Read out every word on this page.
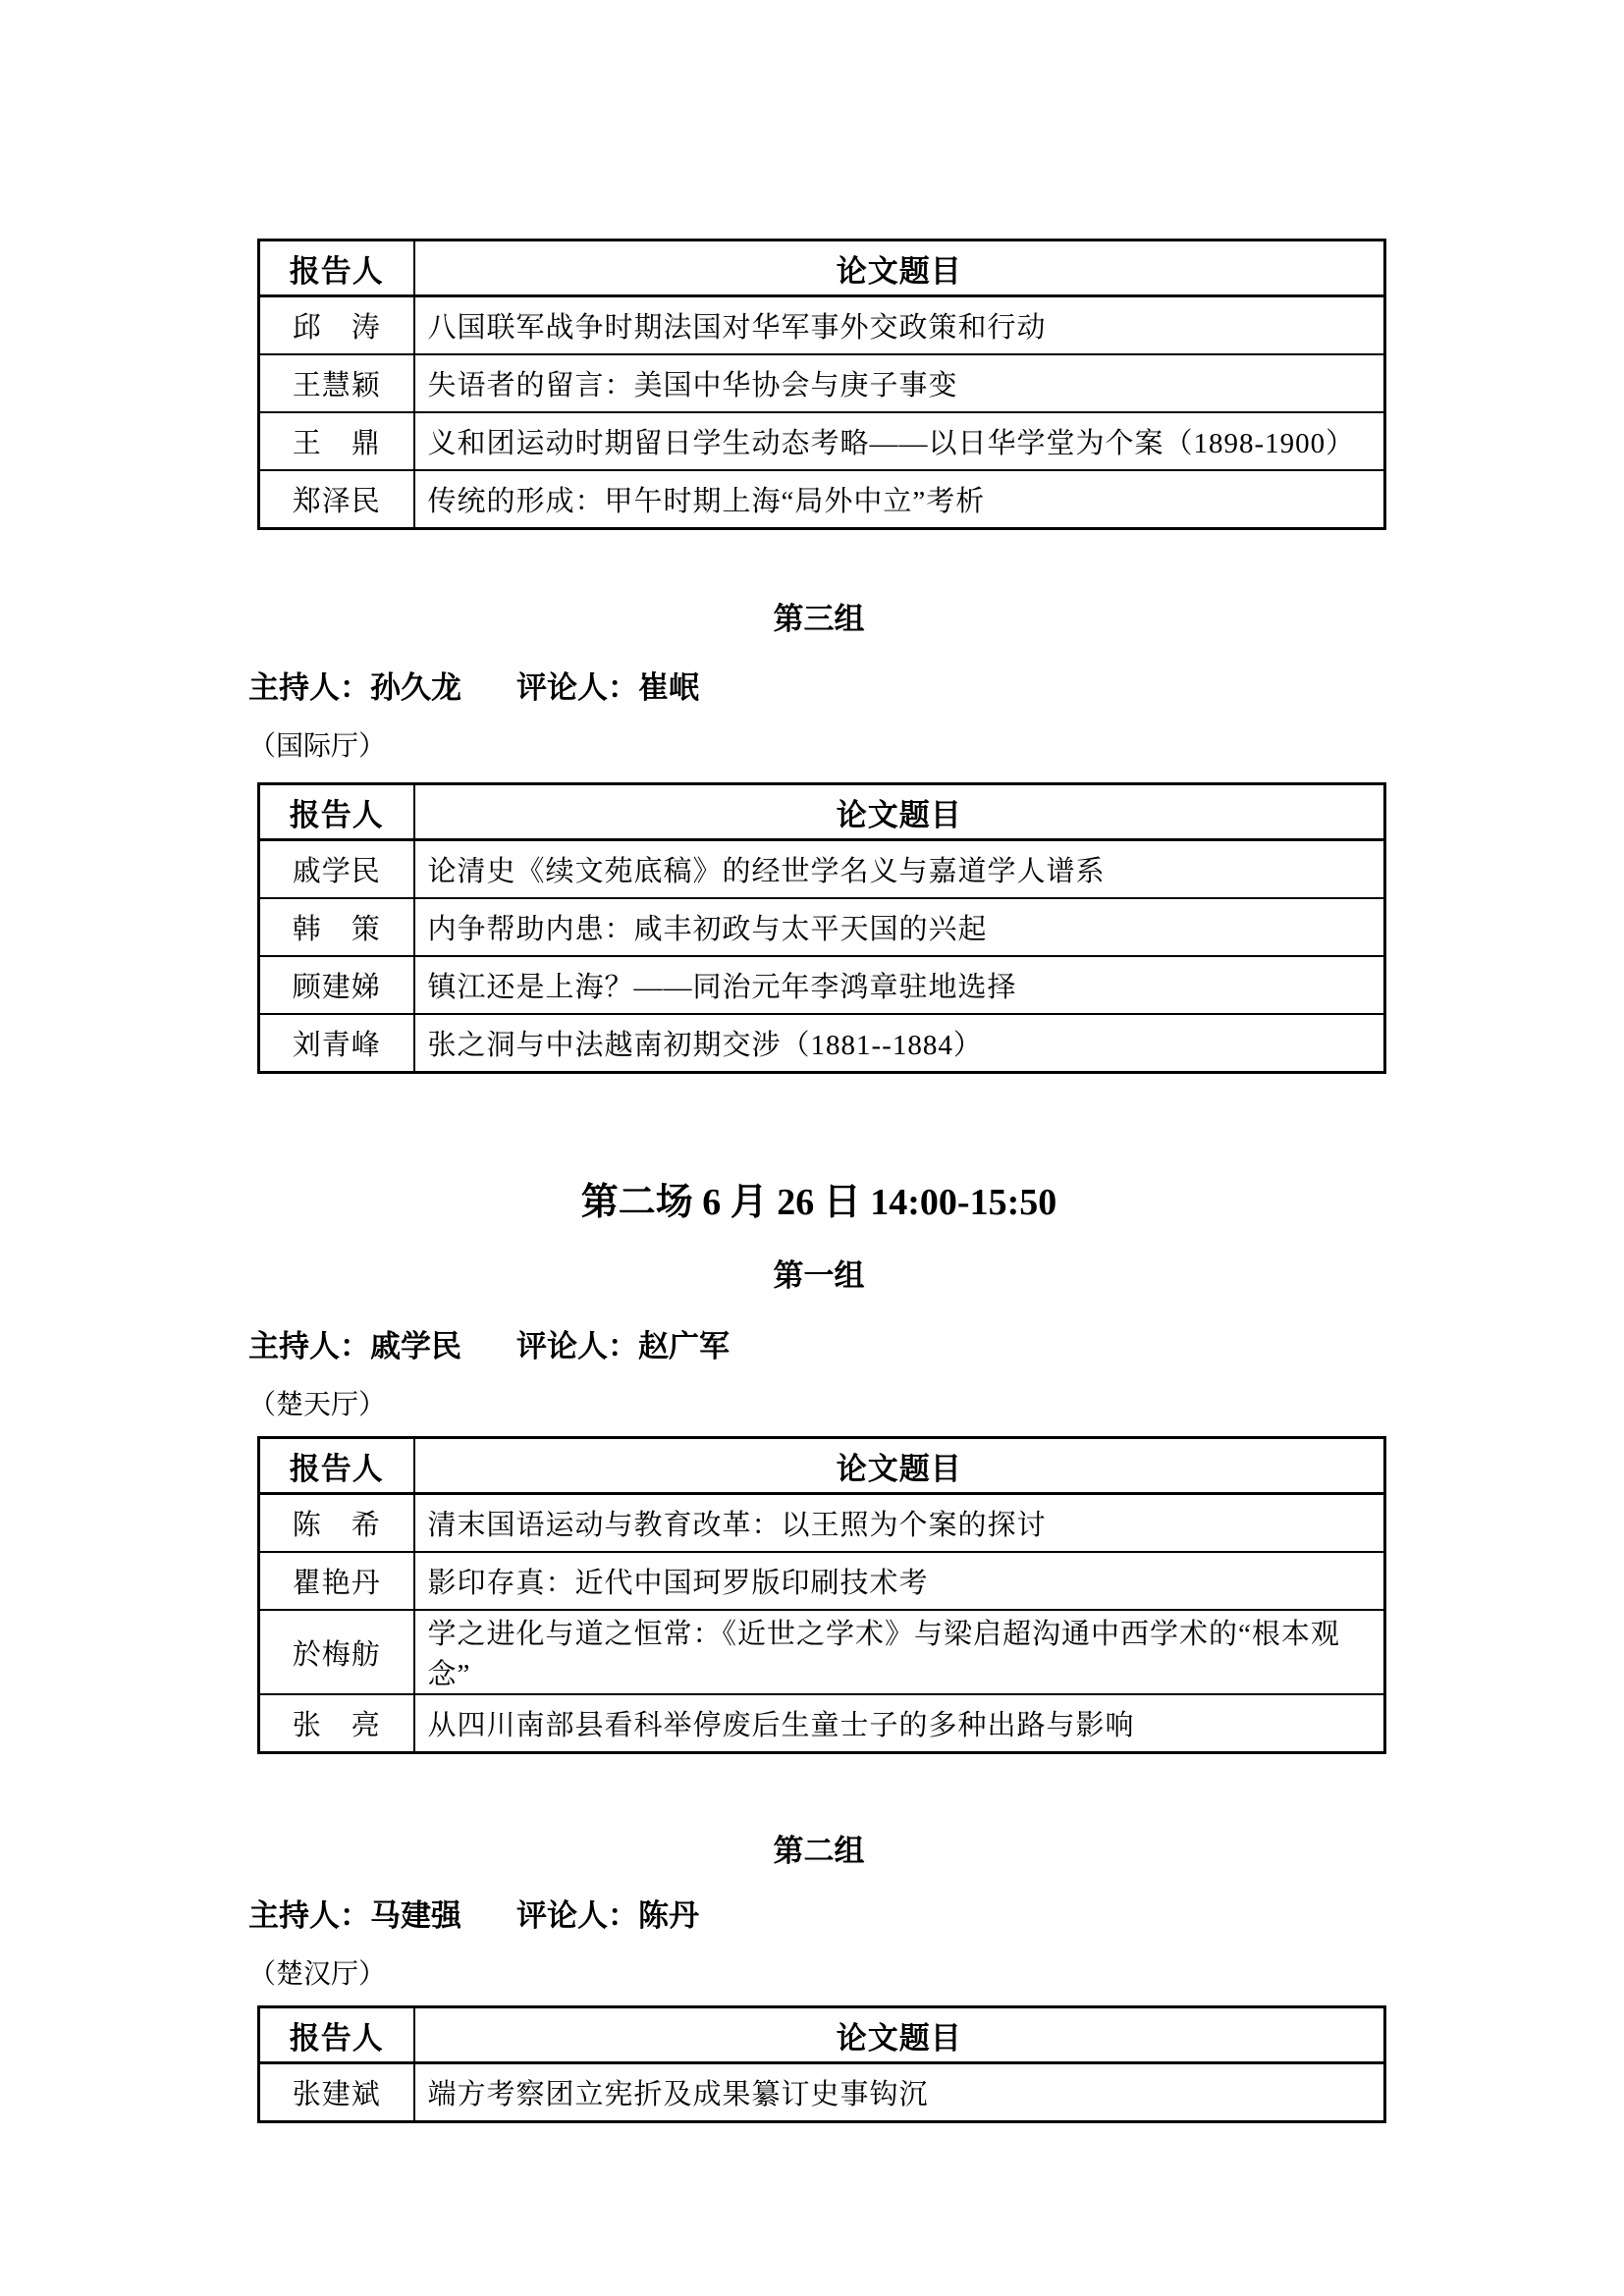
报告人	论文题目
邱　涛	八国联军战争时期法国对华军事外交政策和行动
王慧颖	失语者的留言：美国中华协会与庚子事变
王　鼎	义和团运动时期留日学生动态考略——以日华学堂为个案（1898-1900）
郑泽民	传统的形成：甲午时期上海“局外中立”考析

第三组

主持人：孙久龙 评论人：崔岷

（国际厅）

报告人	论文题目
戚学民	论清史《续文苑底稿》的经世学名义与嘉道学人谱系
韩　策	内争帮助内患：咸丰初政与太平天国的兴起
顾建娣	镇江还是上海？——同治元年李鸿章驻地选择
刘青峰	张之洞与中法越南初期交涉（1881--1884）

第二场 6 月 26 日 14:00-15:50

第一组

主持人：戚学民 评论人：赵广军

（楚天厅）

报告人	论文题目
陈　希	清末国语运动与教育改革：以王照为个案的探讨
瞿艳丹	影印存真：近代中国珂罗版印刷技术考
於梅舫	学之进化与道之恒常：《近世之学术》与梁启超沟通中西学术的“根本观念”
张　亮	从四川南部县看科举停废后生童士子的多种出路与影响

第二组

主持人：马建强 评论人：陈丹

（楚汉厅）

报告人	论文题目
张建斌	端方考察团立宪折及成果纂订史事钩沉
